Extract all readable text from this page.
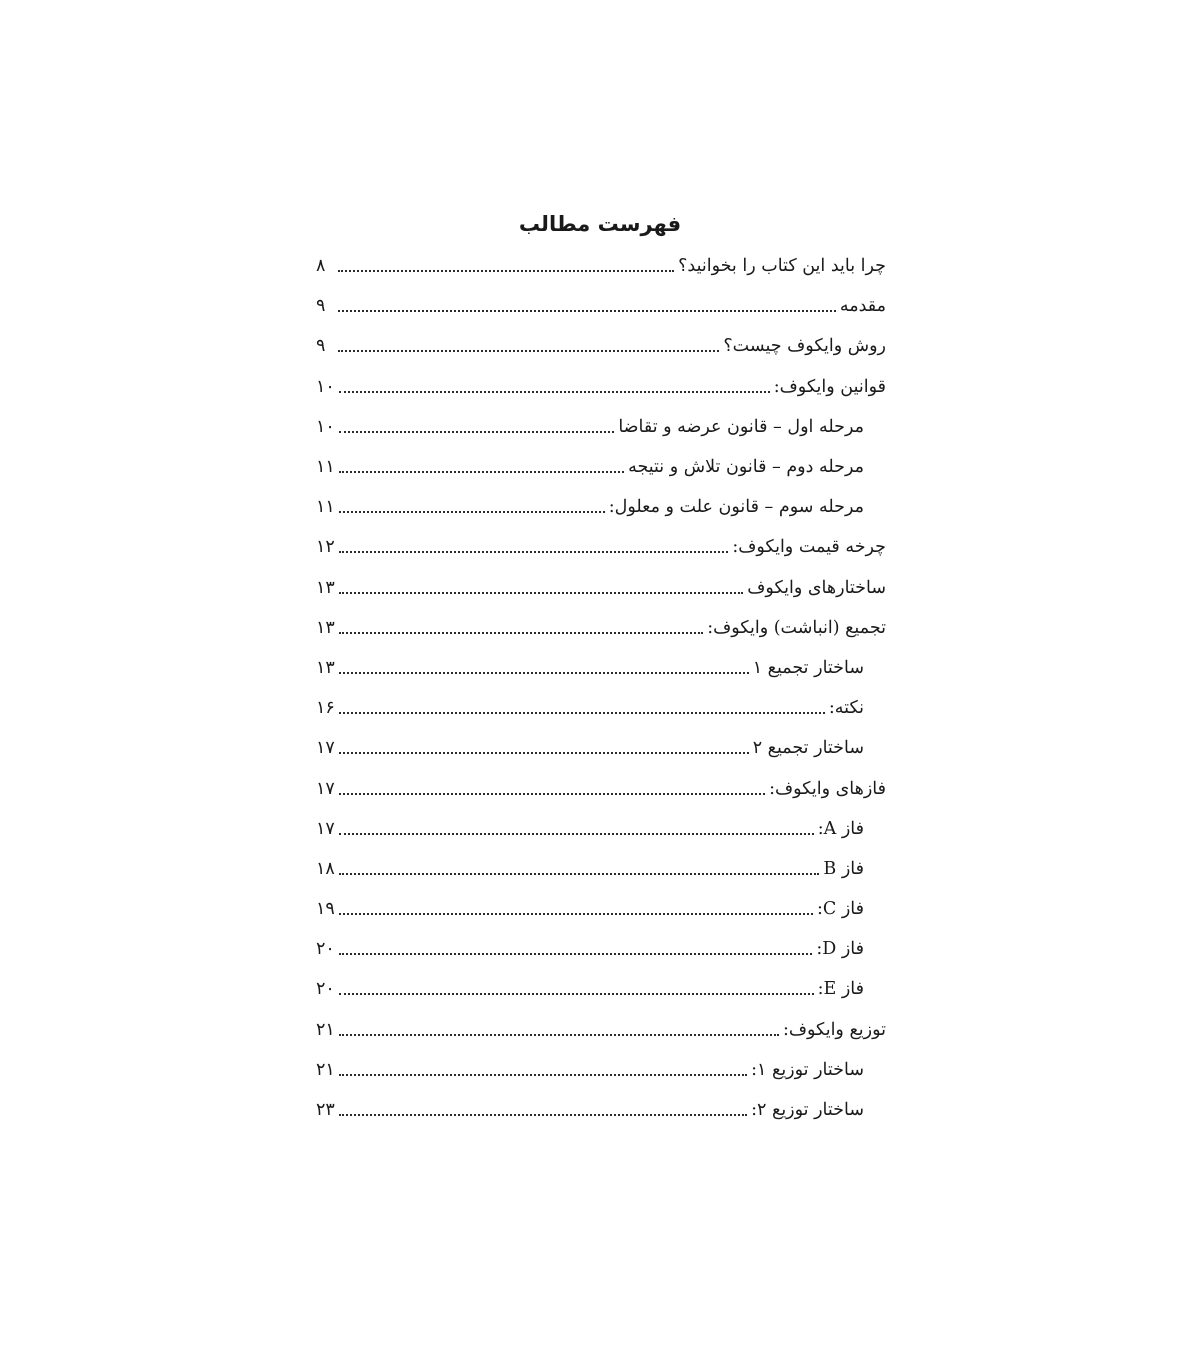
فهرست مطالب
چرا باید این کتاب را بخوانید؟
۸
مقدمه
۹
روش وایکوف چیست؟
۹
قوانین وایکوف:
۱۰
مرحله اول – قانون عرضه و تقاضا
۱۰
مرحله دوم – قانون تلاش و نتیجه
۱۱
مرحله سوم – قانون علت و معلول:
۱۱
چرخه قیمت وایکوف:
۱۲
ساختارهای وایکوف
۱۳
تجمیع (انباشت) وایکوف:
۱۳
ساختار تجمیع ۱
۱۳
نکته:
۱۶
ساختار تجمیع ۲
۱۷
فازهای وایکوف:
۱۷
فاز A:
۱۷
فاز B
۱۸
فاز C:
۱۹
فاز D:
۲۰
فاز E:
۲۰
توزیع وایکوف:
۲۱
ساختار توزیع ۱:
۲۱
ساختار توزیع ۲:
۲۳
